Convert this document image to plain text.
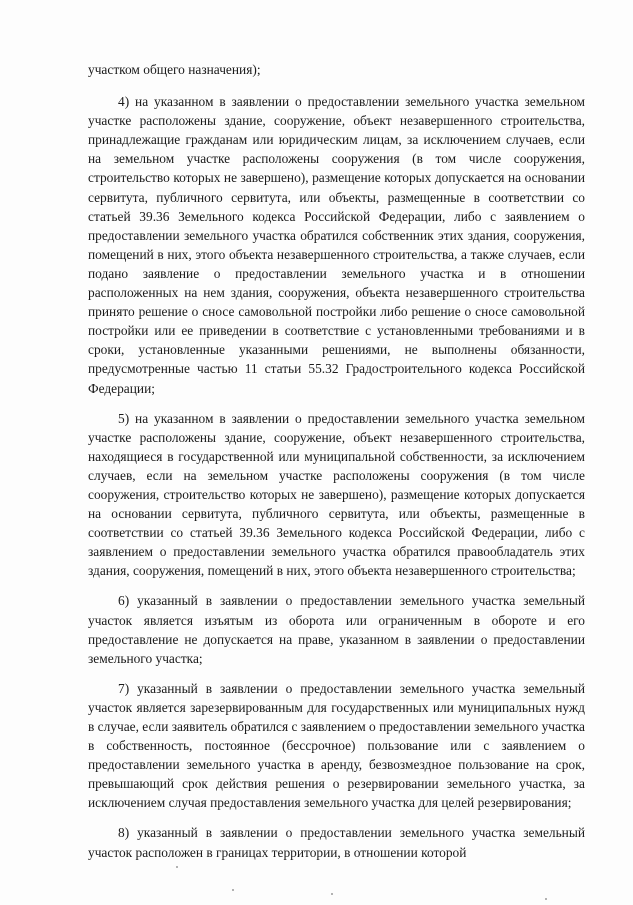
участком общего назначения);

4) на указанном в заявлении о предоставлении земельного участка земельном участке расположены здание, сооружение, объект незавершенного строительства, принадлежащие гражданам или юридическим лицам, за исключением случаев, если на земельном участке расположены сооружения (в том числе сооружения, строительство которых не завершено), размещение которых допускается на основании сервитута, публичного сервитута, или объекты, размещенные в соответствии со статьей 39.36 Земельного кодекса Российской Федерации, либо с заявлением о предоставлении земельного участка обратился собственник этих здания, сооружения, помещений в них, этого объекта незавершенного строительства, а также случаев, если подано заявление о предоставлении земельного участка и в отношении расположенных на нем здания, сооружения, объекта незавершенного строительства принято решение о сносе самовольной постройки либо решение о сносе самовольной постройки или ее приведении в соответствие с установленными требованиями и в сроки, установленные указанными решениями, не выполнены обязанности, предусмотренные частью 11 статьи 55.32 Градостроительного кодекса Российской Федерации;

5) на указанном в заявлении о предоставлении земельного участка земельном участке расположены здание, сооружение, объект незавершенного строительства, находящиеся в государственной или муниципальной собственности, за исключением случаев, если на земельном участке расположены сооружения (в том числе сооружения, строительство которых не завершено), размещение которых допускается на основании сервитута, публичного сервитута, или объекты, размещенные в соответствии со статьей 39.36 Земельного кодекса Российской Федерации, либо с заявлением о предоставлении земельного участка обратился правообладатель этих здания, сооружения, помещений в них, этого объекта незавершенного строительства;

6) указанный в заявлении о предоставлении земельного участка земельный участок является изъятым из оборота или ограниченным в обороте и его предоставление не допускается на праве, указанном в заявлении о предоставлении земельного участка;

7) указанный в заявлении о предоставлении земельного участка земельный участок является зарезервированным для государственных или муниципальных нужд в случае, если заявитель обратился с заявлением о предоставлении земельного участка в собственность, постоянное (бессрочное) пользование или с заявлением о предоставлении земельного участка в аренду, безвозмездное пользование на срок, превышающий срок действия решения о резервировании земельного участка, за исключением случая предоставления земельного участка для целей резервирования;

8) указанный в заявлении о предоставлении земельного участка земельный участок расположен в границах территории, в отношении которой
